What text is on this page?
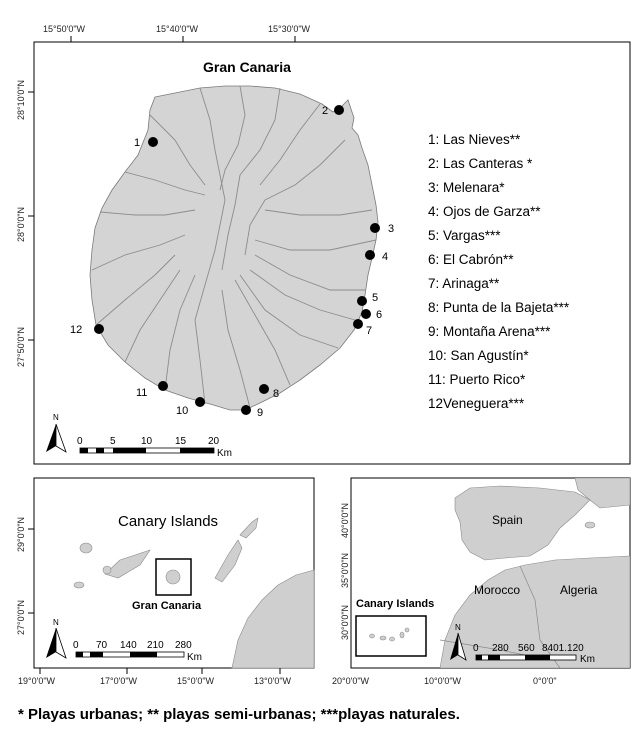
15°50'0"W	15°40'0"W	15°30'0"W
28°10'0"N
28°0'0"N
27°50'0"N
Gran Canaria
1
2
3
4
5
6
7
8
9
10
11
12
1: Las Nieves**
2: Las Canteras *
3: Melenara*
4: Ojos de Garza**
5: Vargas***
6: El Cabrón**
7: Arinaga**
8: Punta de la Bajeta***
9: Montaña Arena***
10: San Agustín*
11: Puerto Rico*
12Veneguera***
N
0	5	10 15 20
Km
Canary Islands
Gran Canaria
29°0'0"N
27°0'0"N
19°0'0"W	17°0'0"W	15°0'0"W	13°0'0"W
N
0 70 140 210 280
Km
Spain
Morocco	Algeria
Canary Islands
40°0'0"N
35°0'0"N
30°0'0"N
20°0'0"W	10°0'0"W	0°0'0"
N
0 280 560 8401.120
Km
* Playas urbanas; ** playas semi-urbanas; ***playas naturales.
